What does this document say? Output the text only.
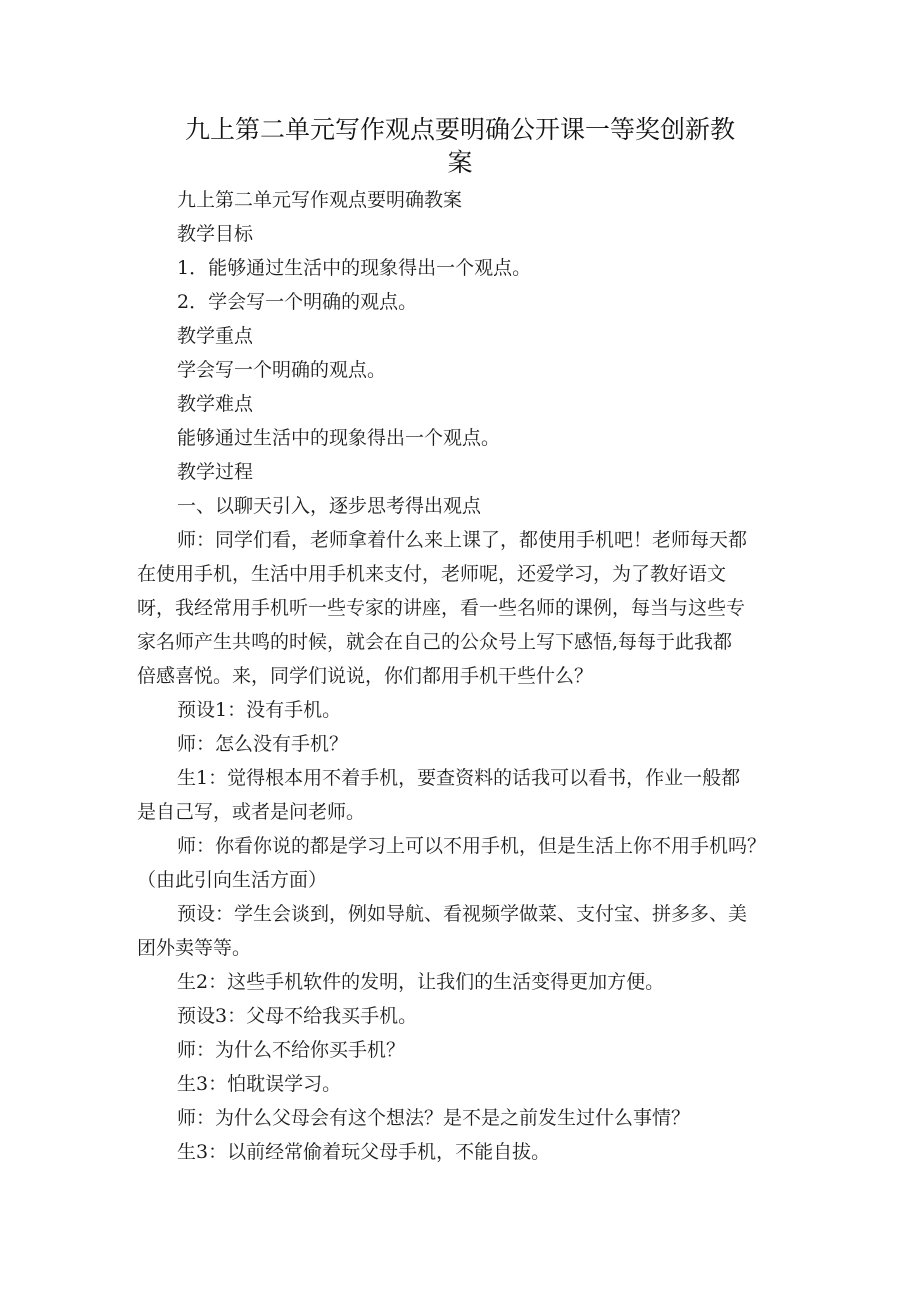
九上第二单元写作观点要明确公开课一等奖创新教
案
九上第二单元写作观点要明确教案
教学目标
1．能够通过生活中的现象得出一个观点。
2．学会写一个明确的观点。
教学重点
学会写一个明确的观点。
教学难点
能够通过生活中的现象得出一个观点。
教学过程
一、以聊天引入，逐步思考得出观点
师：同学们看，老师拿着什么来上课了，都使用手机吧！老师每天都
在使用手机，生活中用手机来支付，老师呢，还爱学习，为了教好语文
呀，我经常用手机听一些专家的讲座，看一些名师的课例，每当与这些专
家名师产生共鸣的时候，就会在自己的公众号上写下感悟,每每于此我都
倍感喜悦。来，同学们说说，你们都用手机干些什么？
预设1：没有手机。
师：怎么没有手机？
生1：觉得根本用不着手机，要查资料的话我可以看书，作业一般都
是自己写，或者是问老师。
师：你看你说的都是学习上可以不用手机，但是生活上你不用手机吗？
（由此引向生活方面）
预设：学生会谈到，例如导航、看视频学做菜、支付宝、拼多多、美
团外卖等等。
生2：这些手机软件的发明，让我们的生活变得更加方便。
预设3：父母不给我买手机。
师：为什么不给你买手机？
生3：怕耽误学习。
师：为什么父母会有这个想法？是不是之前发生过什么事情？
生3：以前经常偷着玩父母手机，不能自拔。
